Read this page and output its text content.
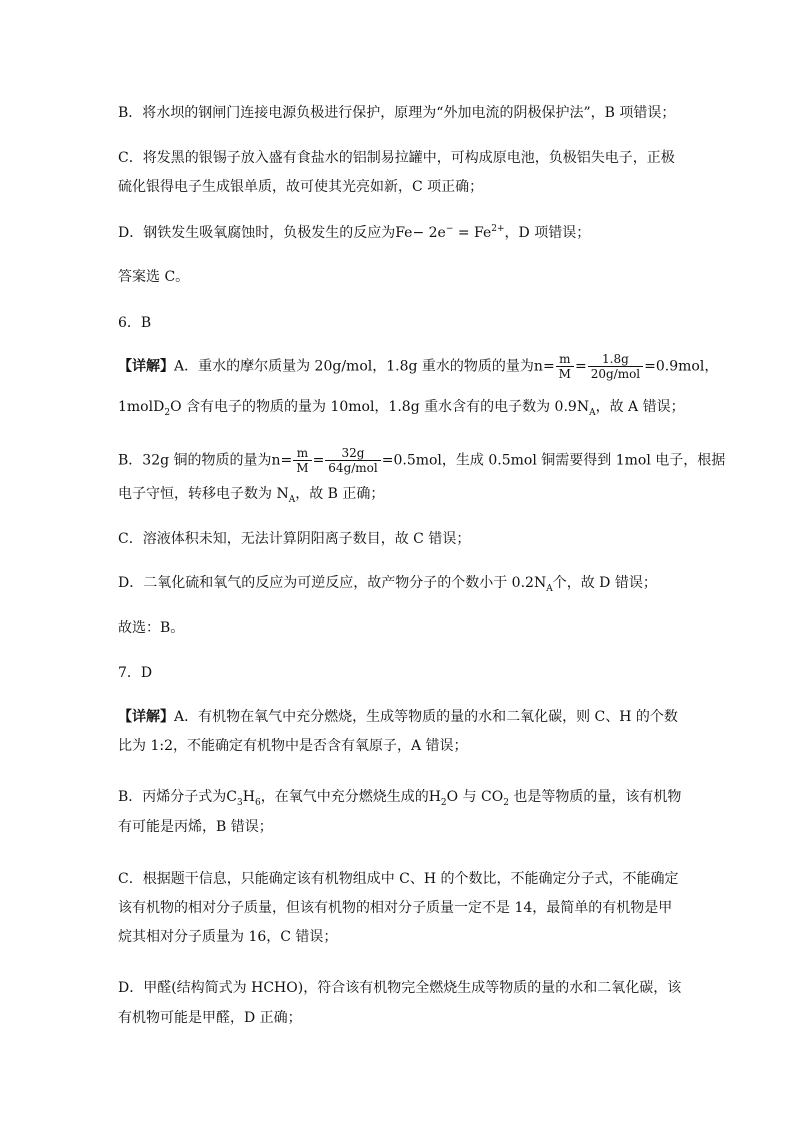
B．将水坝的钢闸门连接电源负极进行保护，原理为“外加电流的阴极保护法”，B 项错误；
C．将发黑的银锡子放入盛有食盐水的铝制易拉罐中，可构成原电池，负极铝失电子，正极
硫化银得电子生成银单质，故可使其光亮如新，C 项正确；
D．钢铁发生吸氧腐蚀时，负极发生的反应为$Fe- 2e^- = Fe^{2+}$，D 项错误；
答案选 C。
6．B
【详解】A．重水的摩尔质量为 20g/mol，1.8g 重水的物质的量为$n= \frac{m}{M} = \frac{1.8g}{\text{20g/mol}} =0.9mol$，
1molD$_2$O 含有电子的物质的量为 10mol，1.8g 重水含有的电子数为 $0.9N_A$，故 A 错误；
B．32g 铜的物质的量为$n= \frac{m}{M} = \frac{32g}{\text{64g/mol}} =0.5mol$，生成 0.5mol 铜需要得到 1mol 电子，根据
电子守恒，转移电子数为 $N_A$，故 B 正确；
C．溶液体积未知，无法计算阴阳离子数目，故 C 错误；
D．二氧化硫和氧气的反应为可逆反应，故产物分子的个数小于 $0.2N_A$个，故 D 错误；
故选：B。
7．D
【详解】A．有机物在氧气中充分燃烧，生成等物质的量的水和二氧化碳，则 C、H 的个数
比为 1:2，不能确定有机物中是否含有氧原子，A 错误；
B．丙烯分子式为$C_3H_6$，在氧气中充分燃烧生成的$H_2O$ 与 $CO_2$ 也是等物质的量，该有机物
有可能是丙烯，B 错误；
C．根据题干信息，只能确定该有机物组成中 C、H 的个数比，不能确定分子式，不能确定
该有机物的相对分子质量，但该有机物的相对分子质量一定不是 14，最简单的有机物是甲
烷其相对分子质量为 16，C 错误；
D．甲醛(结构简式为 HCHO)，符合该有机物完全燃烧生成等物质的量的水和二氧化碳，该
有机物可能是甲醛，D 正确；
